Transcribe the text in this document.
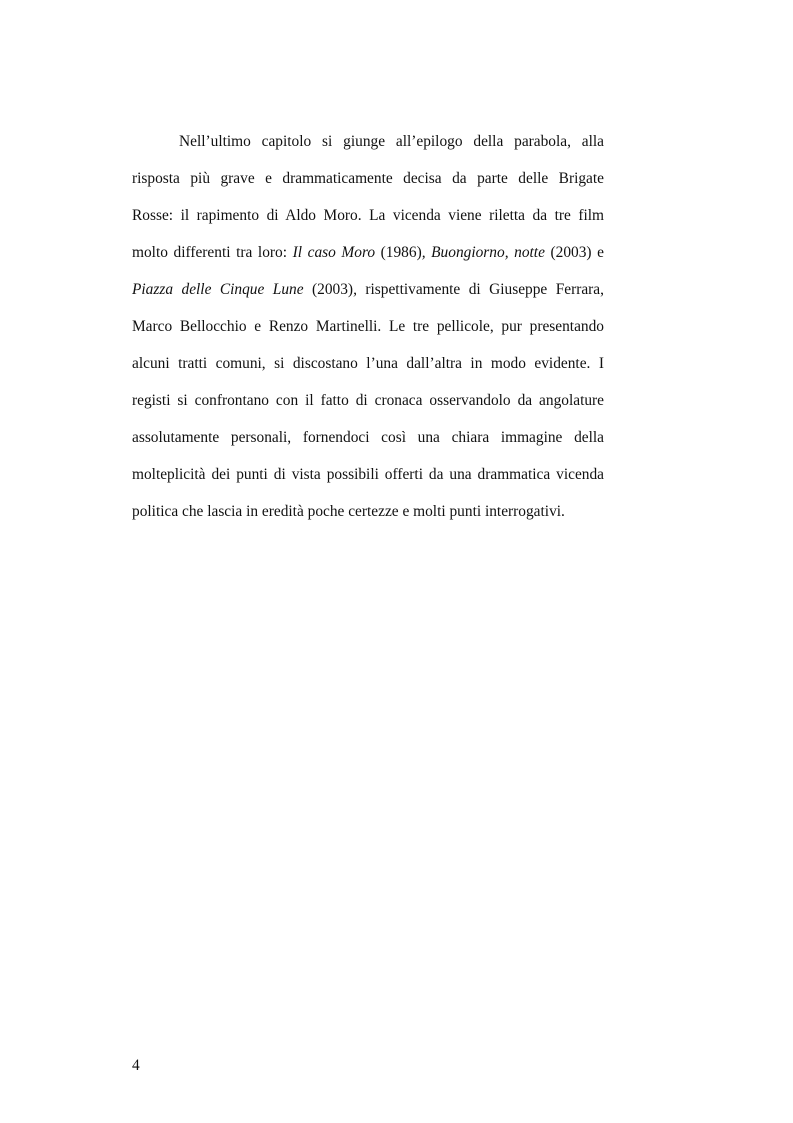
Nell’ultimo capitolo si giunge all’epilogo della parabola, alla
risposta più grave e drammaticamente decisa da parte delle Brigate
Rosse: il rapimento di Aldo Moro. La vicenda viene riletta da tre film
molto differenti tra loro: Il caso Moro (1986), Buongiorno, notte (2003) e
Piazza delle Cinque Lune (2003), rispettivamente di Giuseppe Ferrara,
Marco Bellocchio e Renzo Martinelli. Le tre pellicole, pur presentando
alcuni tratti comuni, si discostano l’una dall’altra in modo evidente. I
registi si confrontano con il fatto di cronaca osservandolo da angolature
assolutamente personali, fornendoci così una chiara immagine della
molteplicità dei punti di vista possibili offerti da una drammatica vicenda
politica che lascia in eredità poche certezze e molti punti interrogativi.
4
